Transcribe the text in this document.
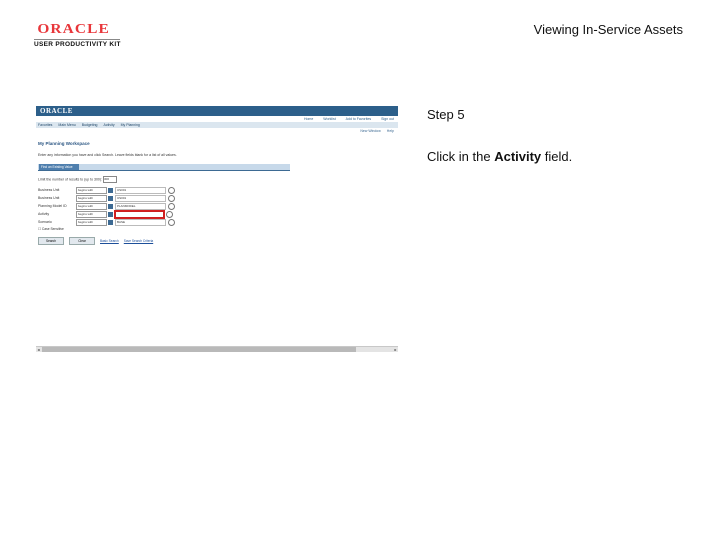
ORACLE
USER PRODUCTIVITY KIT
Viewing In-Service Assets
ORACLE
Home	Worklist	Add to Favorites	Sign out
Favorites Main Menu Budgeting Activity My Planning
New Window Help
My Planning Workspace
Enter any information you have and click Search. Leave fields blank for a list of all values.
Find an Existing Value
Limit the number of results to (up to 300): 300
Business Unit	begins with	US001
Business Unit	begins with	US001
Planning Model ID	begins with	PLANMODEL
Activity	begins with
Scenario	begins with	BASE
☐ Case Sensitive
Search	Clear	Basic Search Save Search Criteria
◂	▸
Step 5
Click in the Activity field.
